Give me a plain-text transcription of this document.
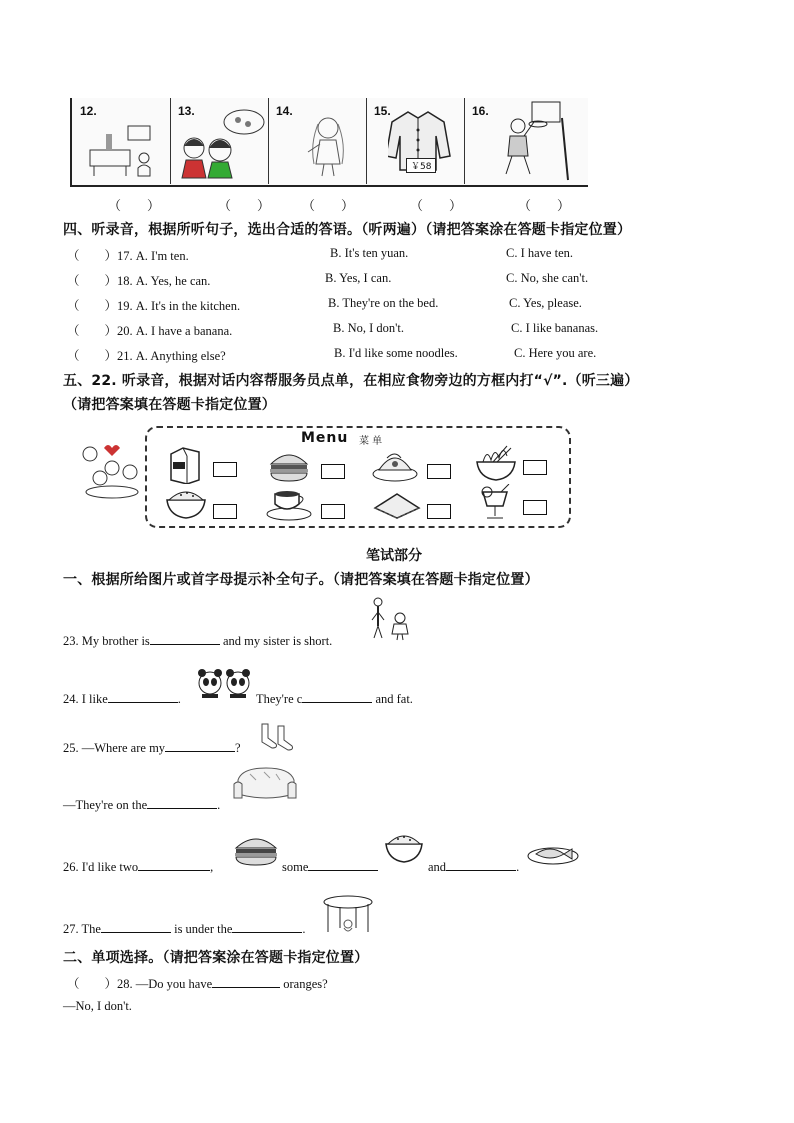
12.	13.	14.	15.
￥58
16.
（　　）	（　　） （　　）	（　　）	（　　）
四、听录音，根据所听句子，选出合适的答语。（听两遍）（请把答案涂在答题卡指定位置）
（　　）17. A. I'm ten.	B. It's ten yuan.	C. I have ten.
（　　）18. A. Yes, he can.	B. Yes, I can.	C. No, she can't.
（　　）19. A. It's in the kitchen.	B. They're on the bed.	C. Yes, please.
（　　）20. A. I have a banana.	B. No, I don't.	C. I like bananas.
（　　）21. A. Anything else?	B. I'd like some noodles.	C. Here you are.
五、22. 听录音，根据对话内容帮服务员点单，在相应食物旁边的方框内打“√”.（听三遍）
（请把答案填在答题卡指定位置）
Menu 菜 单
笔试部分
一、根据所给图片或首字母提示补全句子。（请把答案填在答题卡指定位置）
23. My brother is	and my sister is short.
24. I like	.	They're c	and fat.
25. —Where are my	?
—They're on the	.
26. I'd like two	,	some	and	.
27. The	is under the	.
二、单项选择。（请把答案涂在答题卡指定位置）
（　　）28. —Do you have	oranges?
—No, I don't.
